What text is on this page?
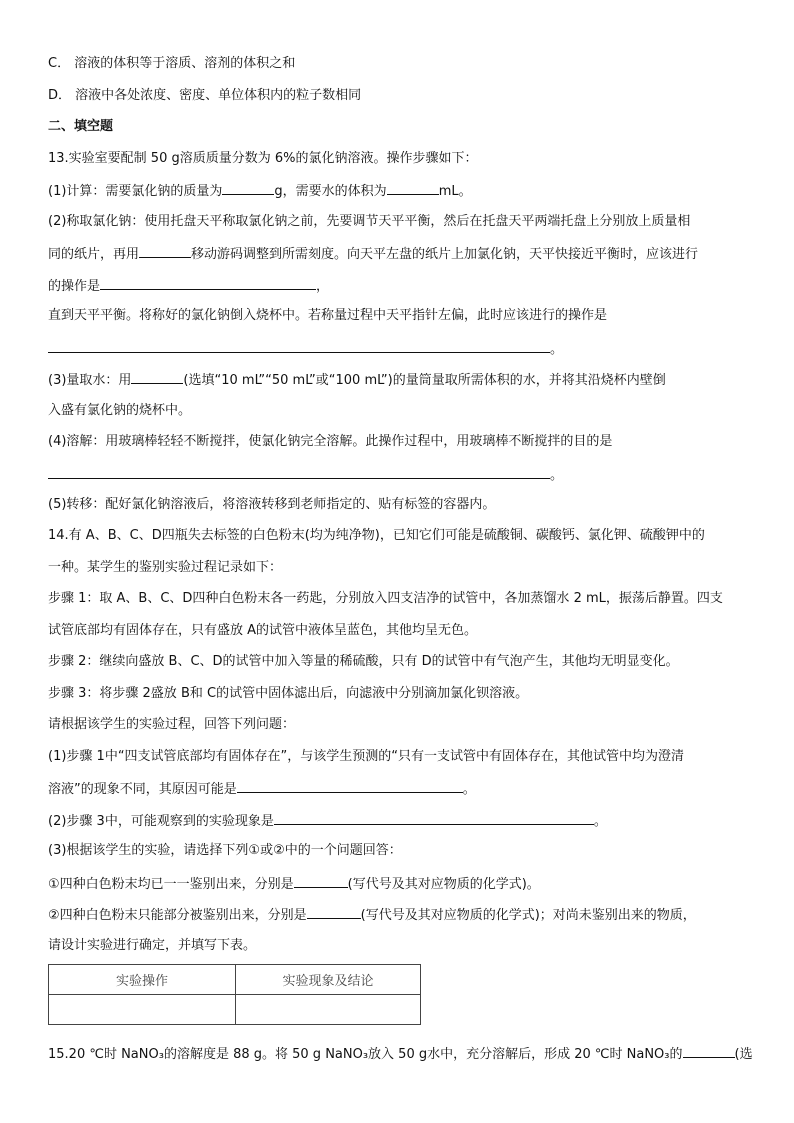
C． 溶液的体积等于溶质、溶剂的体积之和
D． 溶液中各处浓度、密度、单位体积内的粒子数相同
二、填空题
13.实验室要配制 50 g溶质质量分数为 6%的氯化钠溶液。操作步骤如下：
(1)计算：需要氯化钠的质量为	g，需要水的体积为	mL。
(2)称取氯化钠：使用托盘天平称取氯化钠之前，先要调节天平平衡，然后在托盘天平两端托盘上分别放上质量相
同的纸片，再用	移动游码调整到所需刻度。向天平左盘的纸片上加氯化钠，天平快接近平衡时，应该进行
的操作是	，
直到天平平衡。将称好的氯化钠倒入烧杯中。若称量过程中天平指针左偏，此时应该进行的操作是
。
(3)量取水：用	(选填“10 mL”“50 mL”或“100 mL”)的量筒量取所需体积的水，并将其沿烧杯内壁倒
入盛有氯化钠的烧杯中。
(4)溶解：用玻璃棒轻轻不断搅拌，使氯化钠完全溶解。此操作过程中，用玻璃棒不断搅拌的目的是
。
(5)转移：配好氯化钠溶液后，将溶液转移到老师指定的、贴有标签的容器内。
14.有 A、B、C、D四瓶失去标签的白色粉末(均为纯净物)，已知它们可能是硫酸铜、碳酸钙、氯化钾、硫酸钾中的
一种。某学生的鉴别实验过程记录如下：
步骤 1：取 A、B、C、D四种白色粉末各一药匙，分别放入四支洁净的试管中，各加蒸馏水 2 mL，振荡后静置。四支
试管底部均有固体存在，只有盛放 A的试管中液体呈蓝色，其他均呈无色。
步骤 2：继续向盛放 B、C、D的试管中加入等量的稀硫酸，只有 D的试管中有气泡产生，其他均无明显变化。
步骤 3：将步骤 2盛放 B和 C的试管中固体滤出后，向滤液中分别滴加氯化钡溶液。
请根据该学生的实验过程，回答下列问题：
(1)步骤 1中“四支试管底部均有固体存在”，与该学生预测的“只有一支试管中有固体存在，其他试管中均为澄清
溶液”的现象不同，其原因可能是	。
(2)步骤 3中，可能观察到的实验现象是	。
(3)根据该学生的实验，请选择下列①或②中的一个问题回答：
①四种白色粉末均已一一鉴别出来，分别是	(写代号及其对应物质的化学式)。
②四种白色粉末只能部分被鉴别出来，分别是	(写代号及其对应物质的化学式)；对尚未鉴别出来的物质，
请设计实验进行确定，并填写下表。
实验操作	实验现象及结论

15.20 ℃时 NaNO₃的溶解度是 88 g。将 50 g NaNO₃放入 50 g水中，充分溶解后，形成 20 ℃时 NaNO₃的	(选
